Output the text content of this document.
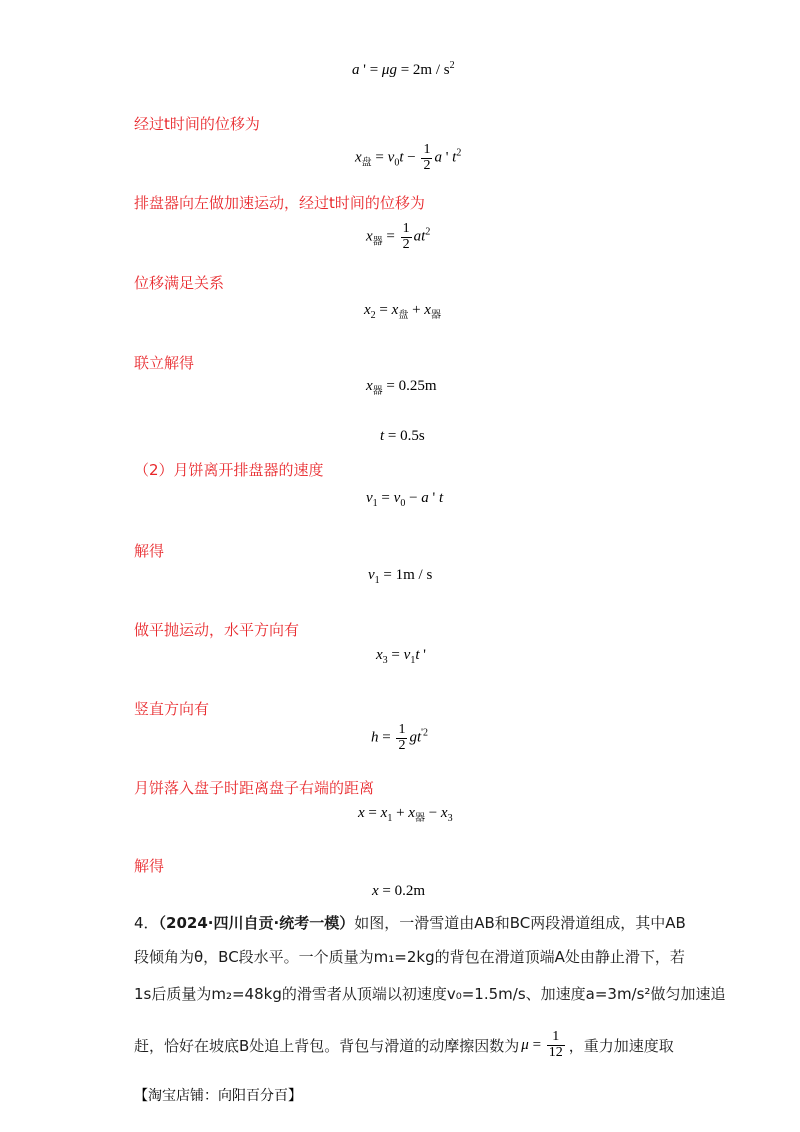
a ' = $\mu g = 2m / s^2$
经过t时间的位移为
$x_盘 = v_0t - \frac{1}{2}$ a ' $t^2$
排盘器向左做加速运动，经过t时间的位移为
$x_器 = \frac{1}{2} at^2$
位移满足关系
$x_2 = x_盘 + x_器$
联立解得
$x_器 = 0.25m$
t = 0.5s
（2）月饼离开排盘器的速度
$v_1 = v_0 - a$ ' t
解得
$v_1 = 1m / s$
做平抛运动，水平方向有
$x_3 = v_1t$ '
竖直方向有
$h = \frac{1}{2} gt^{'2}$
月饼落入盘子时距离盘子右端的距离
$x = x_1 + x_器 - x_3$
解得
x = 0.2m
4．（2024·四川自贡·统考一模）如图，一滑雪道由AB和BC两段滑道组成，其中AB
段倾角为θ，BC段水平。一个质量为m₁=2kg的背包在滑道顶端A处由静止滑下，若
1s后质量为m₂=48kg的滑雪者从顶端以初速度v₀=1.5m/s、加速度a=3m/s²做匀加速追
赶，恰好在坡底B处追上背包。背包与滑道的动摩擦因数为 $\mu = \frac{1}{12}$ ，重力加速度取
【淘宝店铺：向阳百分百】
